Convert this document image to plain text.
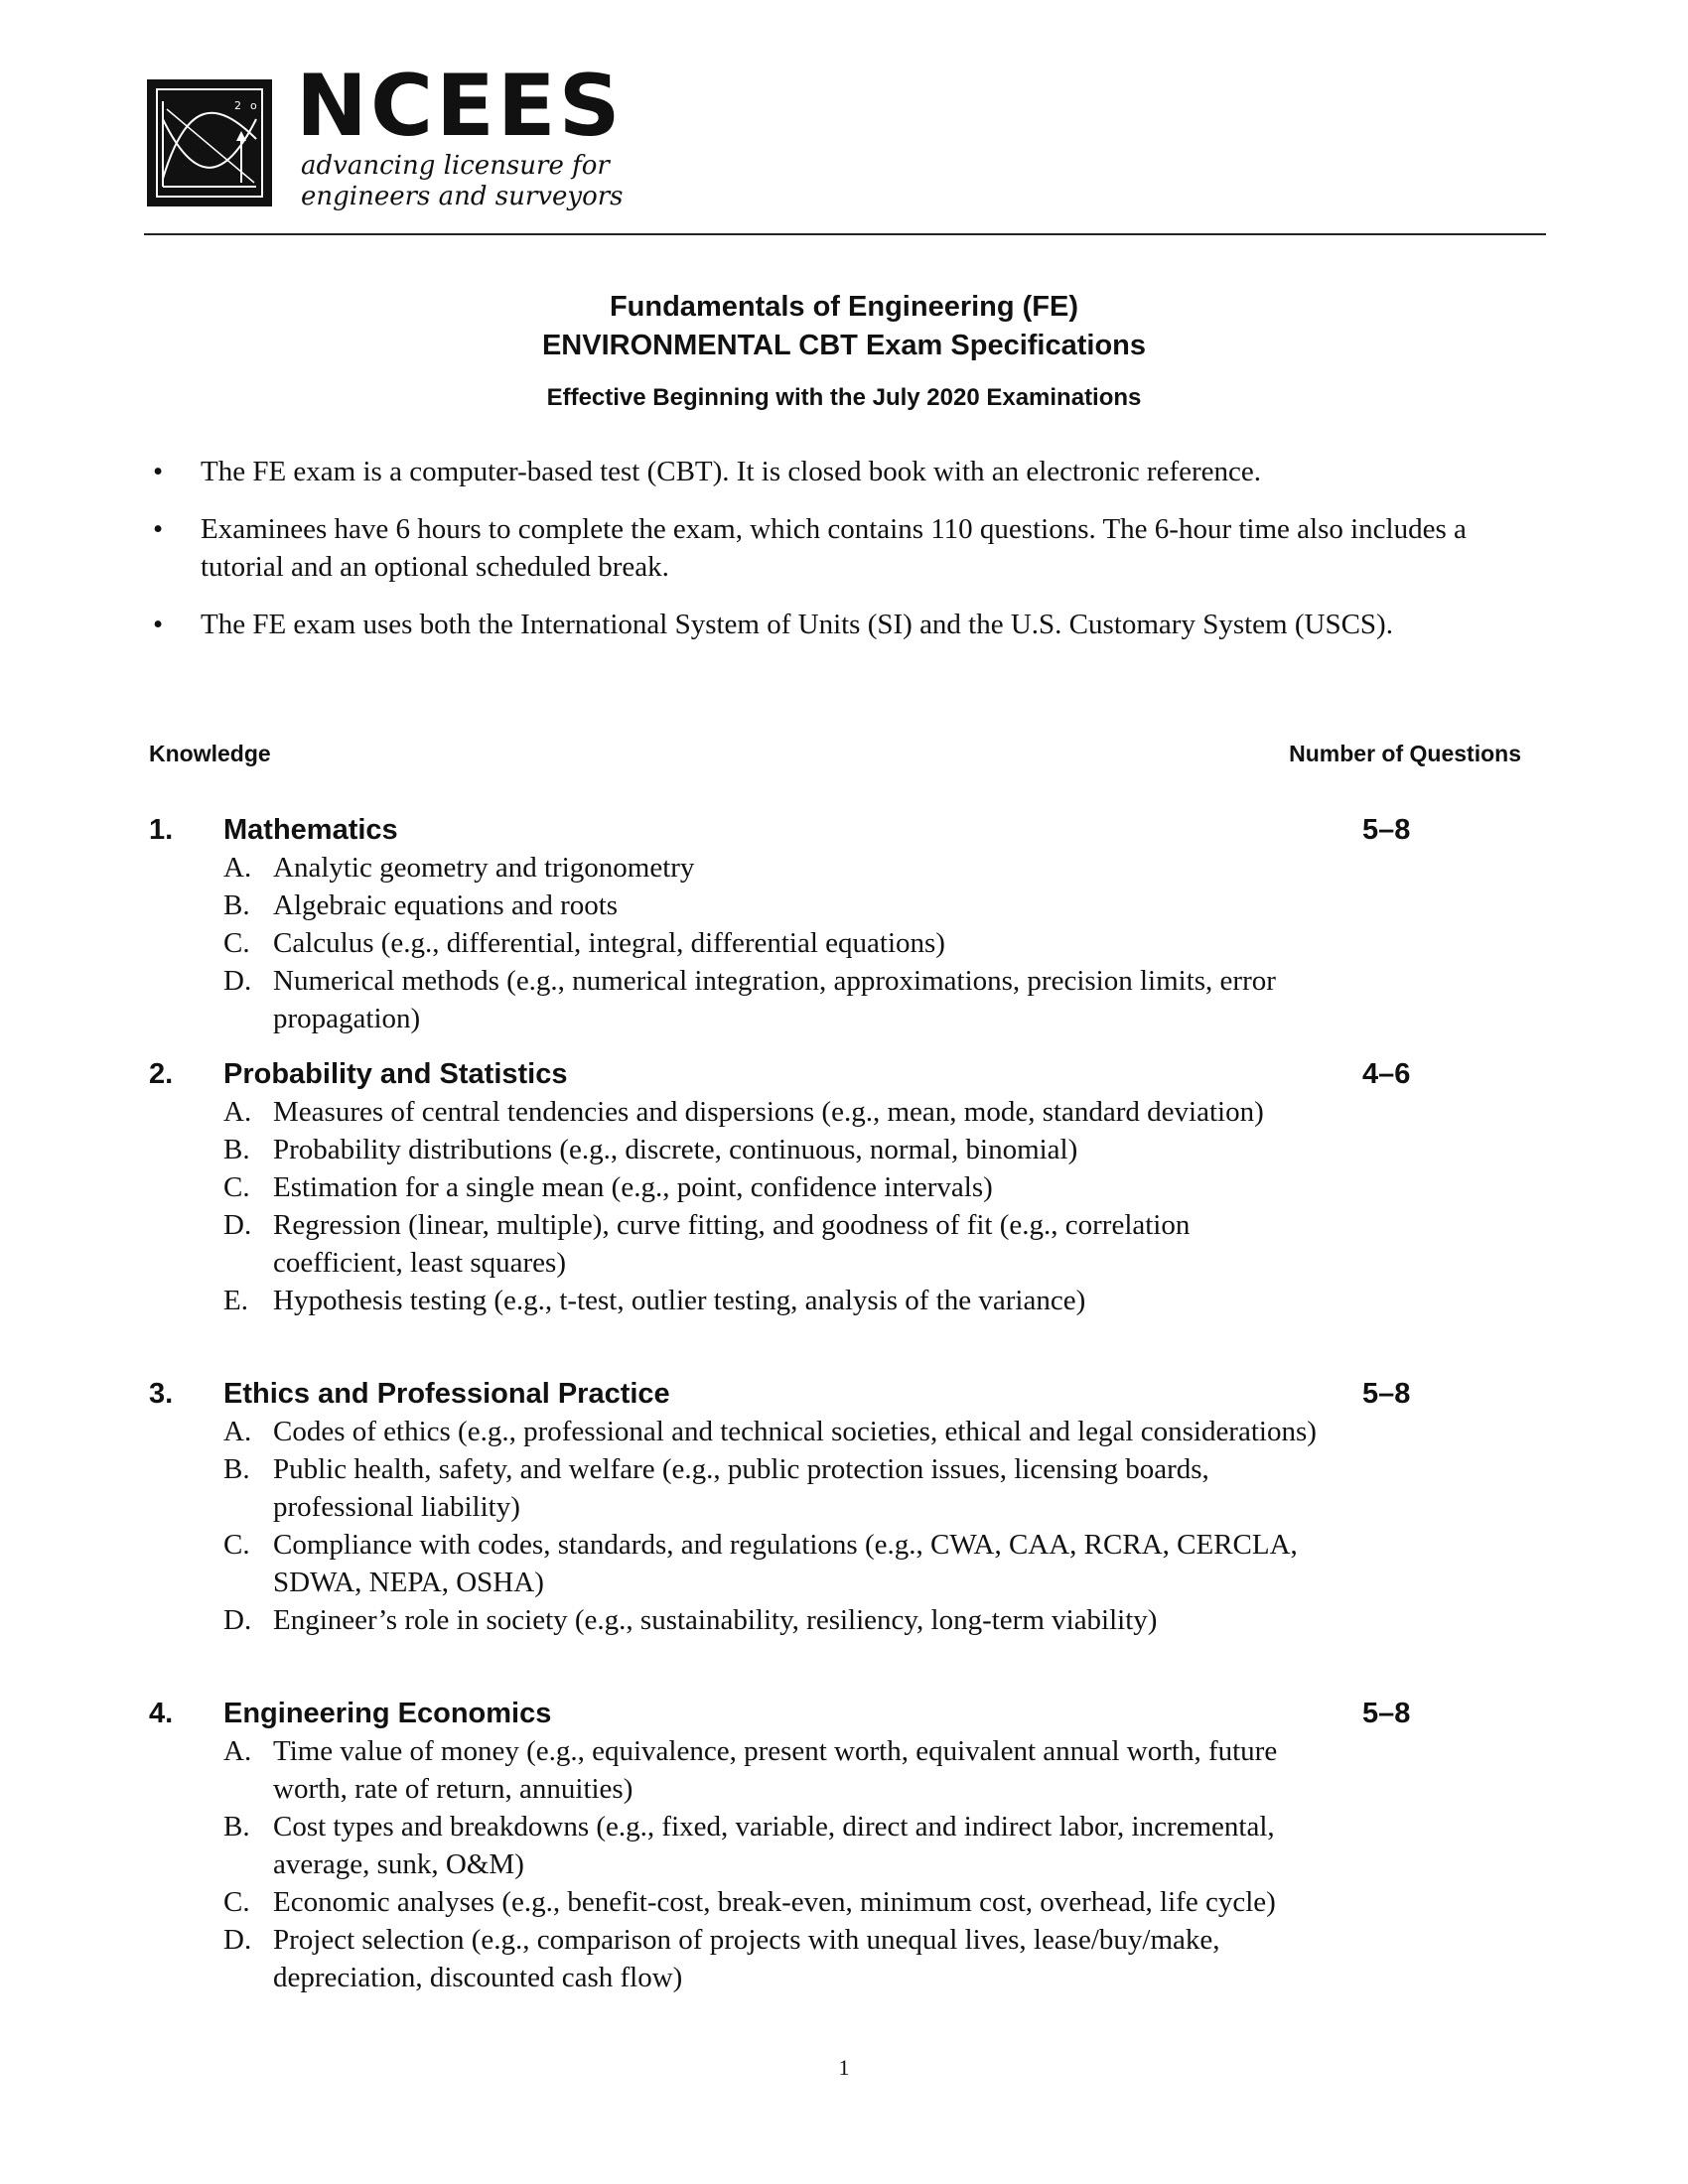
2 o NCEES
advancing licensure for
engineers and surveyors
Fundamentals of Engineering (FE)
ENVIRONMENTAL CBT Exam Specifications
Effective Beginning with the July 2020 Examinations
• The FE exam is a computer-based test (CBT). It is closed book with an electronic reference.
• Examinees have 6 hours to complete the exam, which contains 110 questions. The 6-hour time also includes a tutorial and an optional scheduled break.
• The FE exam uses both the International System of Units (SI) and the U.S. Customary System (USCS).
Knowledge	Number of Questions
1. Mathematics	5–8
A. Analytic geometry and trigonometry
B. Algebraic equations and roots
C. Calculus (e.g., differential, integral, differential equations)
D. Numerical methods (e.g., numerical integration, approximations, precision limits, error propagation)
2. Probability and Statistics	4–6
A. Measures of central tendencies and dispersions (e.g., mean, mode, standard deviation)
B. Probability distributions (e.g., discrete, continuous, normal, binomial)
C. Estimation for a single mean (e.g., point, confidence intervals)
D. Regression (linear, multiple), curve fitting, and goodness of fit (e.g., correlation coefficient, least squares)
E. Hypothesis testing (e.g., t-test, outlier testing, analysis of the variance)
3. Ethics and Professional Practice	5–8
A. Codes of ethics (e.g., professional and technical societies, ethical and legal considerations)
B. Public health, safety, and welfare (e.g., public protection issues, licensing boards, professional liability)
C. Compliance with codes, standards, and regulations (e.g., CWA, CAA, RCRA, CERCLA, SDWA, NEPA, OSHA)
D. Engineer’s role in society (e.g., sustainability, resiliency, long-term viability)
4. Engineering Economics	5–8
A. Time value of money (e.g., equivalence, present worth, equivalent annual worth, future worth, rate of return, annuities)
B. Cost types and breakdowns (e.g., fixed, variable, direct and indirect labor, incremental, average, sunk, O&M)
C. Economic analyses (e.g., benefit-cost, break-even, minimum cost, overhead, life cycle)
D. Project selection (e.g., comparison of projects with unequal lives, lease/buy/make, depreciation, discounted cash flow)
1
